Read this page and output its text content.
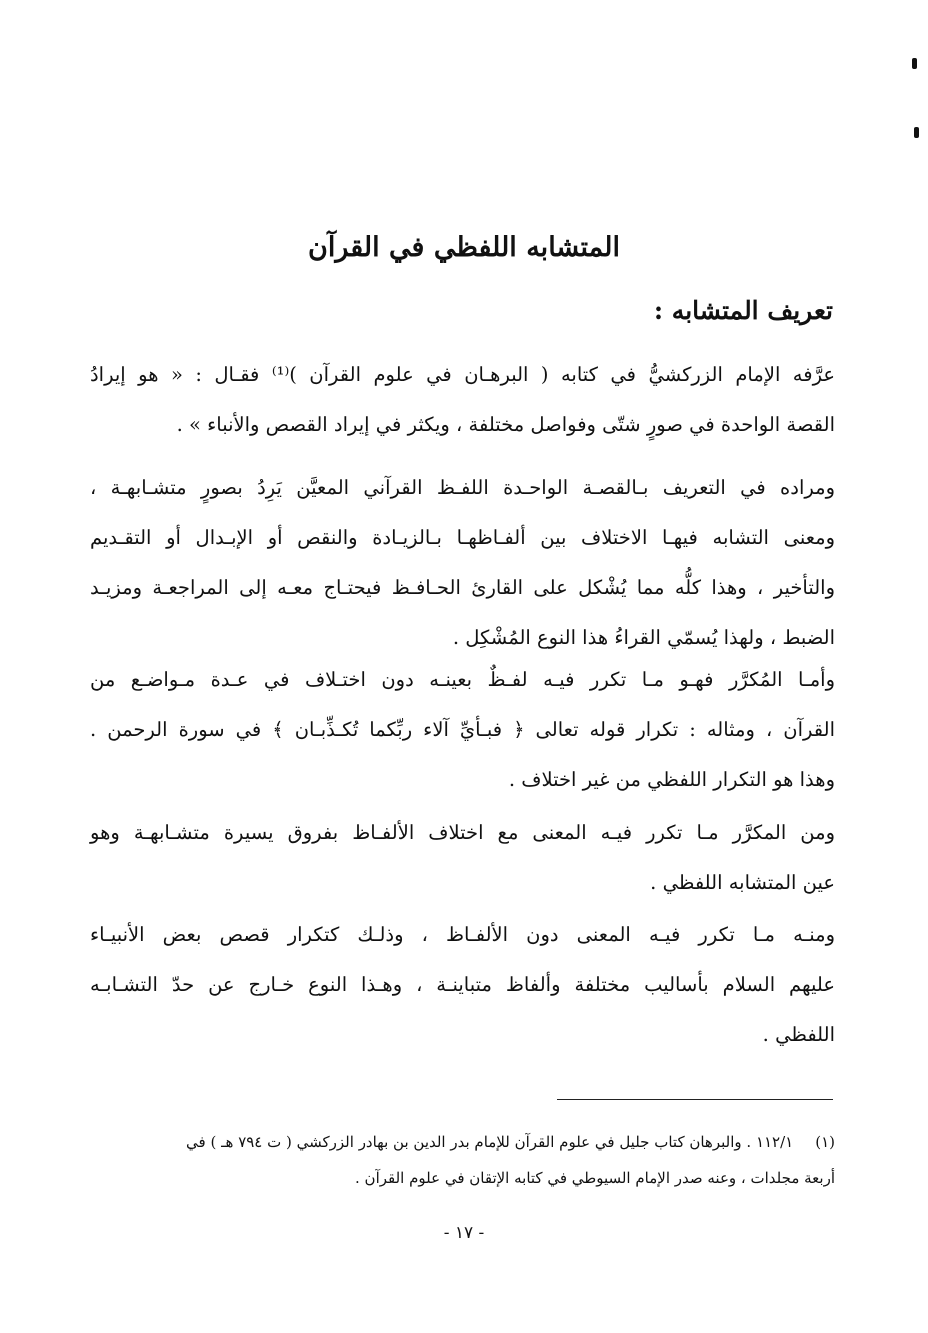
المتشابه اللفظي في القرآن
تعريف المتشابه :
عرَّفه الإمام الزركشيُّ في كتابه ( البرهـان في علوم القرآن )⁽¹⁾ فقـال : « هو إيرادُ
القصة الواحدة في صورٍ شتّى وفواصل مختلفة ، ويكثر في إيراد القصص والأنباء » .
ومراده في التعريف بـالقصـة الواحـدة اللفـظ القرآني المعيَّن يَرِدُ بصورٍ متشـابهـة ،
ومعنى التشابه فيهـا الاختلاف بين ألفـاظهـا بـالزيـادة والنقص أو الإبـدال أو التقـديم
والتأخير ، وهذا كلُّه مما يُشْكل على القارئ الحـافـظ فيحتـاج معـه إلى المراجعـة ومزيـد
الضبط ، ولهذا يُسمّي القراءُ هذا النوع المُشْكِل .
وأمـا المُكرَّر فهـو مـا تكرر فيـه لفـظٌ بعينـه دون اختـلاف في عـدة مـواضـع من
القرآن ، ومثاله : تكرار قوله تعالى ﴿ فبـأيِّ آلاء ربِّكما تُكـذِّبـان ﴾ في سورة الرحمن .
وهذا هو التكرار اللفظي من غير اختلاف .
ومن المكرَّر مـا تكرر فيـه المعنى مع اختلاف الألفـاظ بفروق يسيرة متشـابهـة وهو
عين المتشابه اللفظي .
ومنـه مـا تكرر فيـه المعنى دون الألفـاظ ، وذلـك كتكرار قصص بعض الأنبيـاء
عليهم السلام بأساليب مختلفة وألفاظ متباينـة ، وهـذا النوع خـارج عن حدّ التشـابـه
اللفظي .
(١)١١٢/١ . والبرهان كتاب جليل في علوم القرآن للإمام بدر الدين بن بهادر الزركشي ( ت ٧٩٤ هـ ) في
أربعة مجلدات ، وعنه صدر الإمام السيوطي في كتابه الإتقان في علوم القرآن .
- ١٧ -
